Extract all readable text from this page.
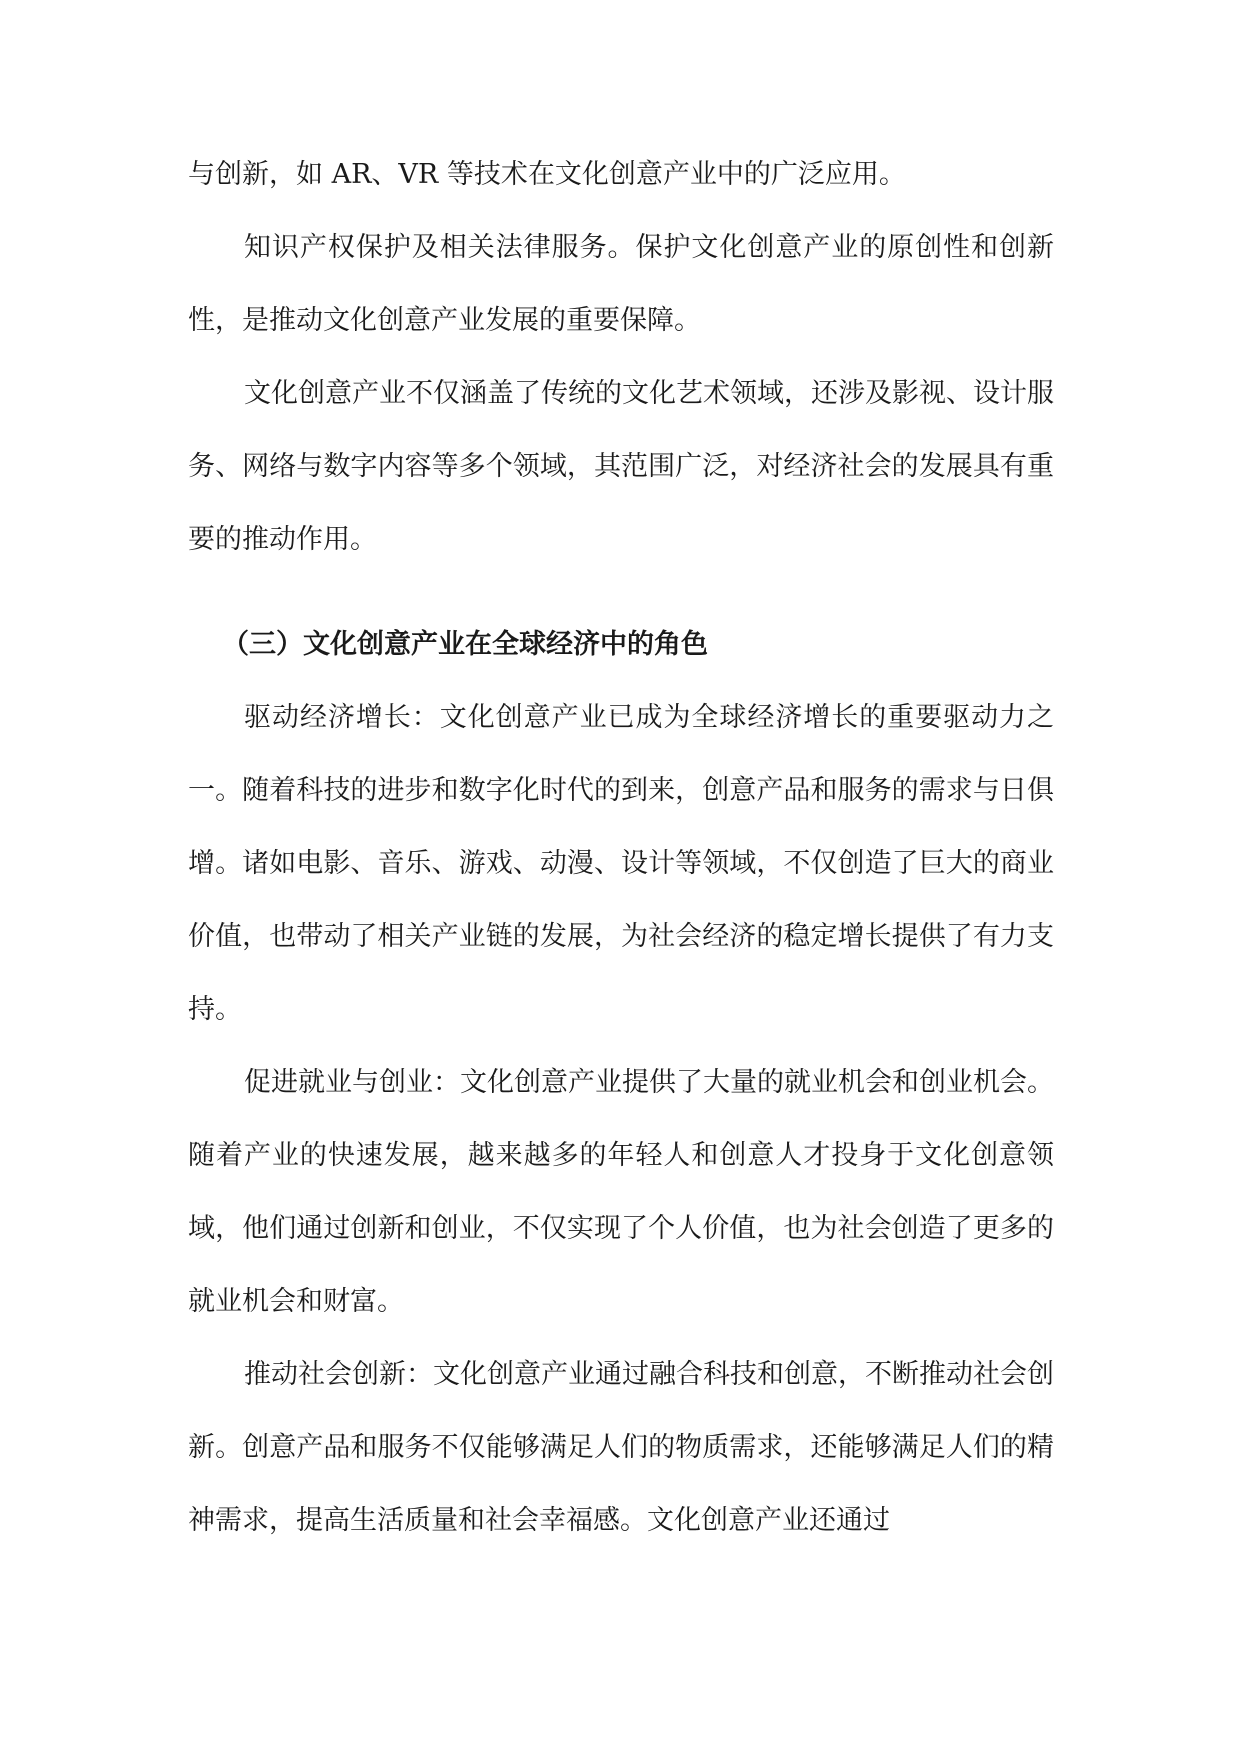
与创新，如 AR、VR 等技术在文化创意产业中的广泛应用。

知识产权保护及相关法律服务。保护文化创意产业的原创性和创新性，是推动文化创意产业发展的重要保障。

文化创意产业不仅涵盖了传统的文化艺术领域，还涉及影视、设计服务、网络与数字内容等多个领域，其范围广泛，对经济社会的发展具有重要的推动作用。

（三）文化创意产业在全球经济中的角色

驱动经济增长：文化创意产业已成为全球经济增长的重要驱动力之一。随着科技的进步和数字化时代的到来，创意产品和服务的需求与日俱增。诸如电影、音乐、游戏、动漫、设计等领域，不仅创造了巨大的商业价值，也带动了相关产业链的发展，为社会经济的稳定增长提供了有力支持。

促进就业与创业：文化创意产业提供了大量的就业机会和创业机会。随着产业的快速发展，越来越多的年轻人和创意人才投身于文化创意领域，他们通过创新和创业，不仅实现了个人价值，也为社会创造了更多的就业机会和财富。

推动社会创新：文化创意产业通过融合科技和创意，不断推动社会创新。创意产品和服务不仅能够满足人们的物质需求，还能够满足人们的精神需求，提高生活质量和社会幸福感。文化创意产业还通过
